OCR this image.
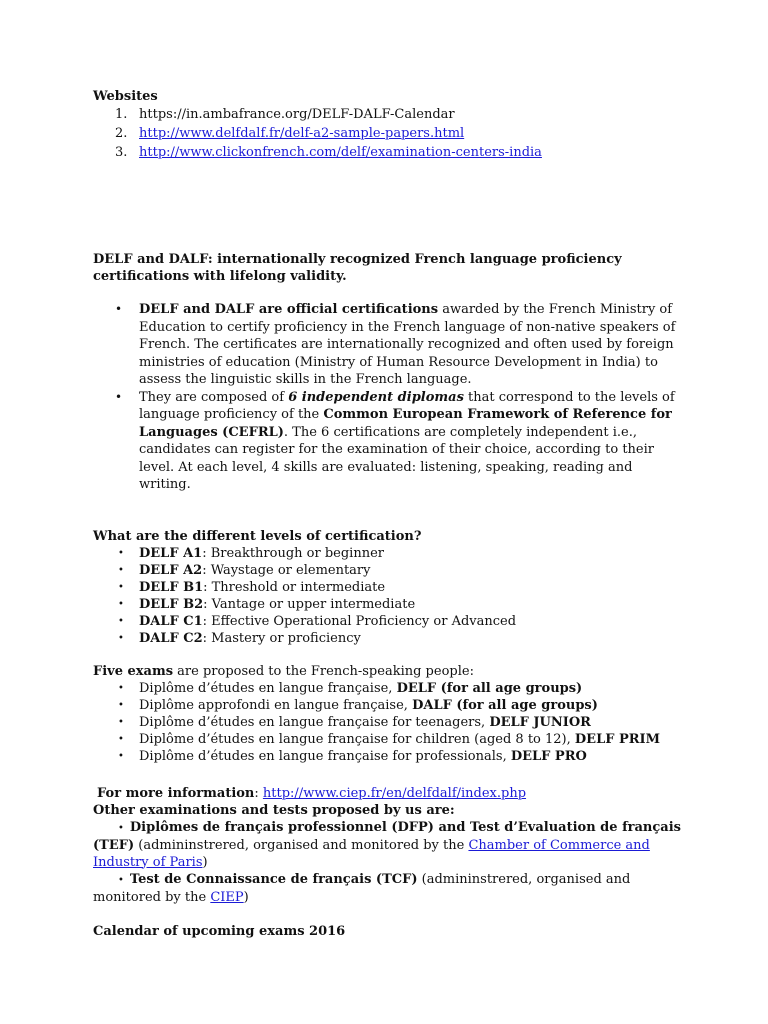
Websites

1. https://in.ambafrance.org/DELF-DALF-Calendar
2. http://www.delfdalf.fr/delf-a2-sample-papers.html
3. http://www.clickonfrench.com/delf/examination-centers-india

DELF and DALF: internationally recognized French language proficiency certifications with lifelong validity.

• DELF and DALF are official certifications awarded by the French Ministry of Education to certify proficiency in the French language of non-native speakers of French. The certificates are internationally recognized and often used by foreign ministries of education (Ministry of Human Resource Development in India) to assess the linguistic skills in the French language.
• They are composed of 6 independent diplomas that correspond to the levels of language proficiency of the Common European Framework of Reference for Languages (CEFRL). The 6 certifications are completely independent i.e., candidates can register for the examination of their choice, according to their level. At each level, 4 skills are evaluated: listening, speaking, reading and writing.

What are the different levels of certification?

• DELF A1: Breakthrough or beginner
• DELF A2: Waystage or elementary
• DELF B1: Threshold or intermediate
• DELF B2: Vantage or upper intermediate
• DALF C1: Effective Operational Proficiency or Advanced
• DALF C2: Mastery or proficiency

Five exams are proposed to the French-speaking people:

• Diplôme d’études en langue française, DELF (for all age groups)
• Diplôme approfondi en langue française, DALF (for all age groups)
• Diplôme d’études en langue française for teenagers, DELF JUNIOR
• Diplôme d’études en langue française for children (aged 8 to 12), DELF PRIM
• Diplôme d’études en langue française for professionals, DELF PRO

For more information: http://www.ciep.fr/en/delfdalf/index.php

Other examinations and tests proposed by us are:

• Diplômes de français professionnel (DFP) and Test d’Evaluation de français (TEF) (admininstrered, organised and monitored by the Chamber of Commerce and Industry of Paris)

• Test de Connaissance de français (TCF) (admininstrered, organised and monitored by the CIEP)

Calendar of upcoming exams 2016
